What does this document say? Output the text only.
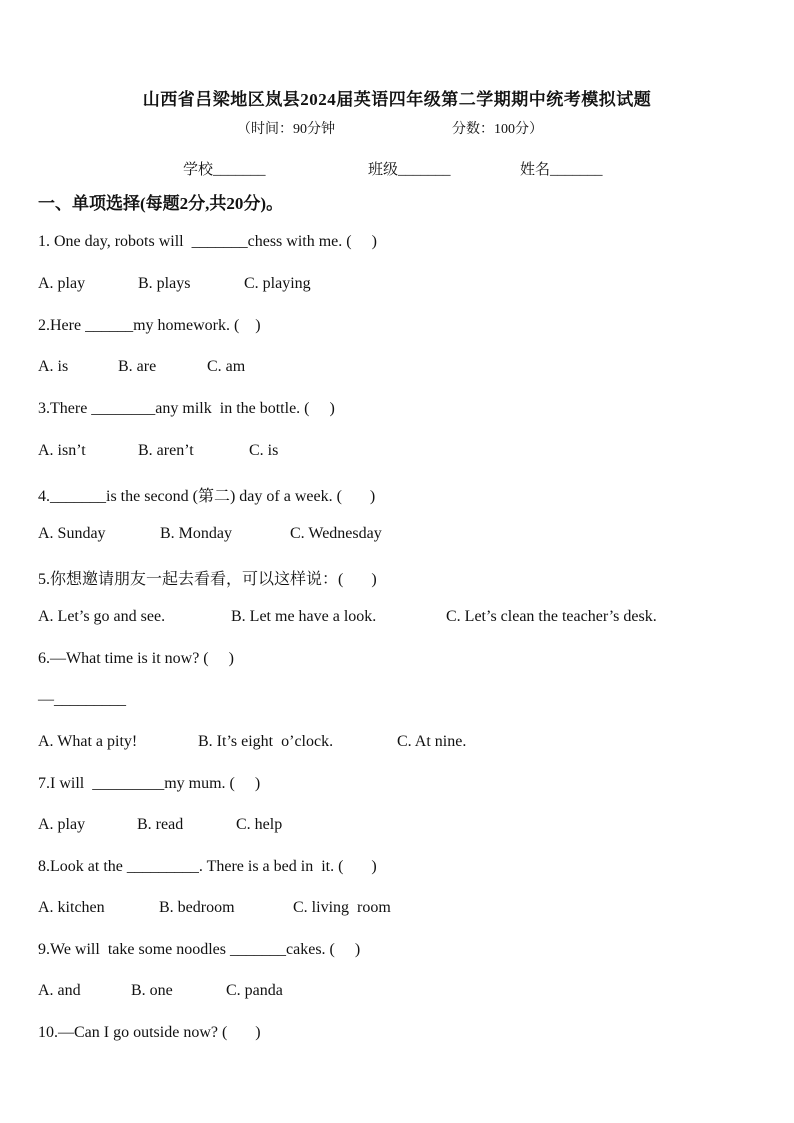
山西省吕梁地区岚县2024届英语四年级第二学期期中统考模拟试题
（时间：90分钟	分数：100分）
学校_______	班级_______	姓名_______
一、单项选择(每题2分,共20分)。
1. One day, robots will  _______chess with me. (     )
A. play	B. plays	C. playing
2.Here ______my homework. (    )
A. is	B. are	C. am
3.There ________any milk  in the bottle. (     )
A. isn’t	B. aren’t	C. is
4._______is the second (第二) day of a week. (       )
A. Sunday	B. Monday	C. Wednesday
5.你想邀请朋友一起去看看，可以这样说：(       )
A. Let’s go and see.	B. Let me have a look.	C. Let’s clean the teacher’s desk.
6.—What time is it now? (     )
—_________
A. What a pity!	B. It’s eight  o’clock.	C. At nine.
7.I will  _________my mum. (     )
A. play	B. read	C. help
8.Look at the _________. There is a bed in  it. (       )
A. kitchen	B. bedroom	C. living  room
9.We will  take some noodles _______cakes. (     )
A. and	B. one	C. panda
10.—Can I go outside now? (       )
